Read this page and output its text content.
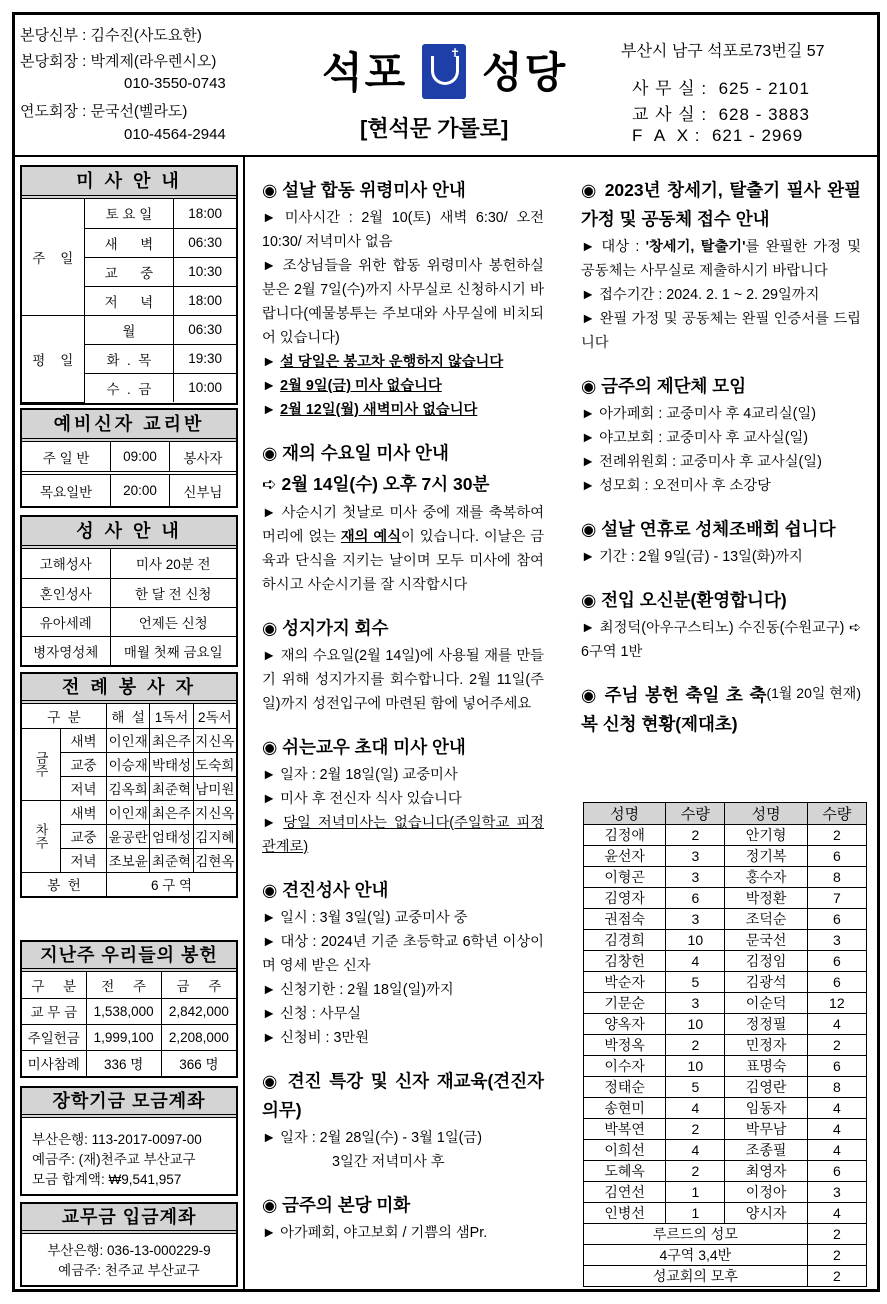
본당신부 : 김수진(사도요한)
본당회장 : 박계제(라우렌시오)
010-3550-0743
연도회장 : 문국선(벨라도)
010-4564-2944
석포 성당
✝
[현석문 가롤로]
부산시 남구 석포로73번길 57
사 무 실 :  625 - 2101
교 사 실 :  628 - 3883
F  A  X :  621 - 2969
미 사 안 내
주    일	토 요 일	18:00
	새      벽	06:30
	교      중	10:30
	저      녁	18:00
평    일	월	06:30
	화  .  목	19:30
	수  .  금	10:00
예비신자 교리반
주 일 반	09:00	봉사자
목요일반	20:00	신부님
성 사 안 내
고해성사	미사 20분 전
혼인성사	한 달 전 신청
유아세례	언제든 신청
병자영성체	매월 첫째 금요일
전 례 봉 사 자
구  분		해  설	1독서	2독서
금주	새벽	이인재	최은주	지신옥
	교중	이승재	박태성	도숙희
	저녁	김옥희	최준혁	남미원
차주	새벽	이인재	최은주	지신옥
	교중	윤공란	엄태성	김지혜
	저녁	조보윤	최준혁	김현옥
봉  헌		6 구 역		
지난주 우리들의 봉헌
구     분	전     주	금     주
교 무 금	1,538,000	2,842,000
주일헌금	1,999,100	2,208,000
미사참례	336 명	366 명
장학기금 모금계좌
부산은행: 113-2017-0097-00
예금주: (재)천주교 부산교구
모금 합계액: ₩9,541,957
교무금 입금계좌
부산은행: 036-13-000229-9
예금주: 천주교 부산교구
◉ 설날 합동 위령미사 안내

► 미사시간 : 2월 10(토) 새벽 6:30/ 오전 10:30/ 저녁미사 없음

► 조상님들을 위한 합동 위령미사 봉헌하실 분은 2월 7일(수)까지 사무실로 신청하시기 바랍니다(예물봉투는 주보대와 사무실에 비치되어 있습니다)

► 설 당일은 봉고차 운행하지 않습니다

► 2월 9일(금) 미사 없습니다

► 2월 12일(월) 새벽미사 없습니다

◉ 재의 수요일 미사 안내

➪ 2월 14일(수) 오후 7시 30분

► 사순시기 첫날로 미사 중에 재를 축복하여 머리에 얹는 재의 예식이 있습니다. 이날은 금육과 단식을 지키는 날이며 모두 미사에 참여 하시고 사순시기를 잘 시작합시다

◉ 성지가지 회수

► 재의 수요일(2월 14일)에 사용될 재를 만들기 위해 성지가지를 회수합니다. 2월 11일(주일)까지 성전입구에 마련된 함에 넣어주세요

◉ 쉬는교우 초대 미사 안내

► 일자 : 2월 18일(일) 교중미사

► 미사 후 전신자 식사 있습니다

► 당일 저녁미사는 없습니다(주일학교 피정 관계로)

◉ 견진성사 안내

► 일시 : 3월 3일(일) 교중미사 중

► 대상 : 2024년 기준 초등학교 6학년 이상이며 영세 받은 신자

► 신청기한 : 2월 18일(일)까지

► 신청 : 사무실

► 신청비 : 3만원

◉ 견진 특강 및 신자 재교육(견진자 의무)

► 일자 : 2월 28일(수) - 3월 1일(금)

3일간 저녁미사 후

◉ 금주의 본당 미화

► 아가페회, 야고보회 / 기쁨의 샘Pr.

◉ 2023년 창세기, 탈출기 필사 완필 가정 및 공동체 접수 안내

► 대상 : '창세기, 탈출기'를 완필한 가정 및 공동체는 사무실로 제출하시기 바랍니다

► 접수기간 : 2024. 2. 1 ~ 2. 29일까지

► 완필 가정 및 공동체는 완필 인증서를 드립니다

◉ 금주의 제단체 모임

► 아가페회 : 교중미사 후 4교리실(일)

► 야고보회 : 교중미사 후 교사실(일)

► 전례위원회 : 교중미사 후 교사실(일)

► 성모회 : 오전미사 후 소강당

◉ 설날 연휴로 성체조배회 쉽니다

► 기간 : 2월 9일(금) - 13일(화)까지

◉ 전입 오신분(환영합니다)

► 최정덕(아우구스티노) 수진동(수원교구) ➪ 6구역 1반

(1월 20일 현재)
◉ 주님 봉헌 축일 초 축복 신청 현황(제대초)
성명	수량	성명	수량
김정애	2	안기형	2
윤선자	3	정기복	6
이형곤	3	홍수자	8
김영자	6	박정환	7
권점숙	3	조덕순	6
김경희	10	문국선	3
김창헌	4	김정임	6
박순자	5	김광석	6
기문순	3	이순덕	12
양옥자	10	정정필	4
박정옥	2	민정자	2
이수자	10	표명숙	6
정태순	5	김영란	8
송현미	4	임동자	4
박복연	2	박무남	4
이희선	4	조종필	4
도혜옥	2	최영자	6
김연선	1	이정아	3
인병선	1	양시자	4
루르드의 성모			2
4구역 3,4반			2
성교회의 모후			2
